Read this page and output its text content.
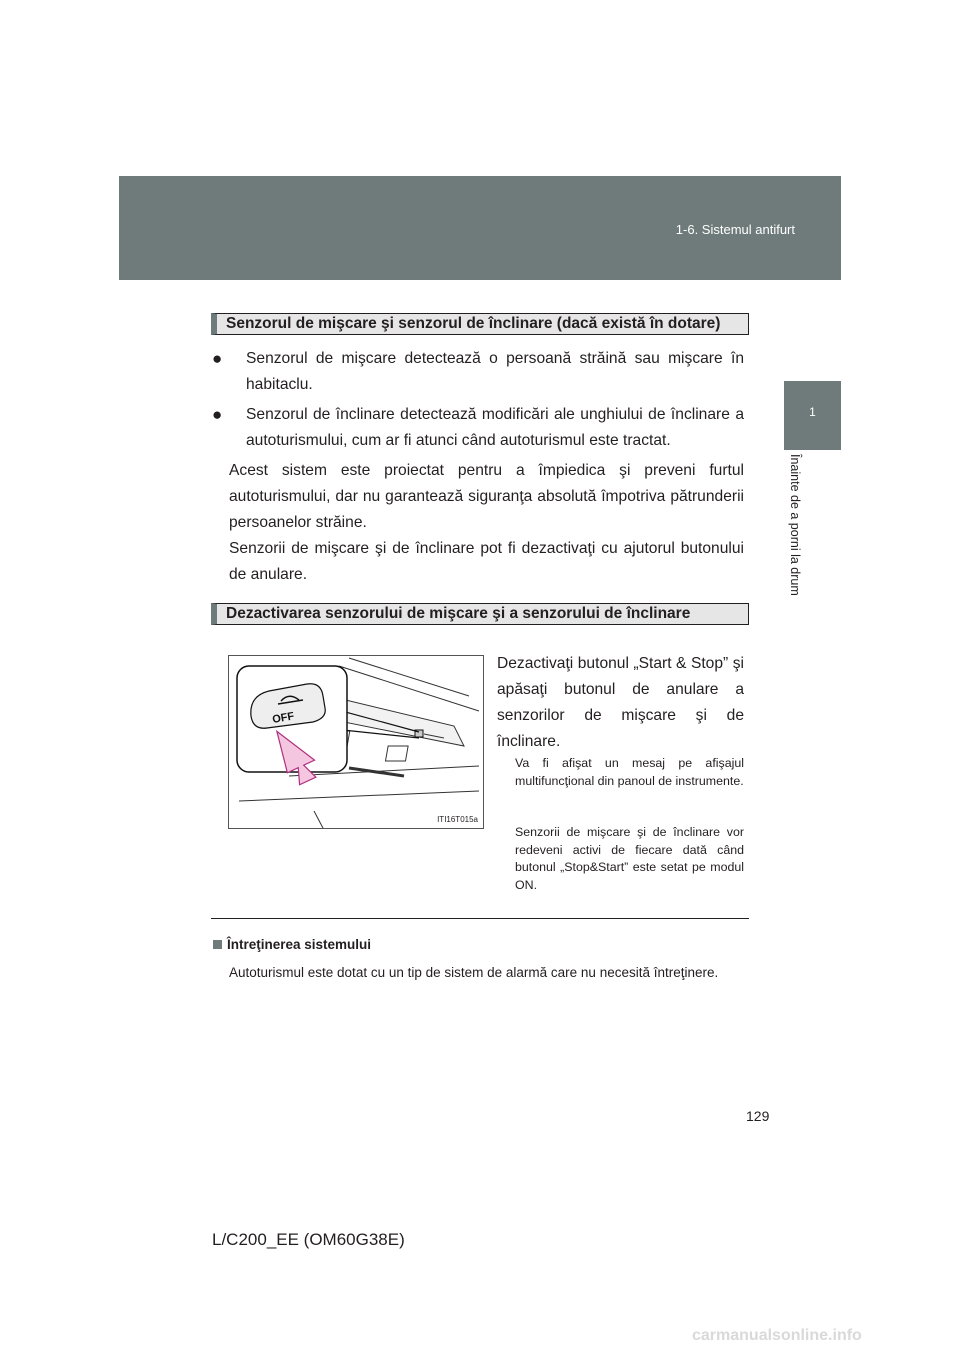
1-6. Sistemul antifurt
1
Înainte de a porni la drum
Senzorul de mişcare şi senzorul de înclinare (dacă există în dotare)
● Senzorul de mişcare detectează o persoană străină sau mişcare în habitaclu.
● Senzorul de înclinare detectează modificări ale unghiului de înclinare a autoturismului, cum ar fi atunci când autoturismul este tractat.
Acest sistem este proiectat pentru a împiedica şi preveni furtul autoturismului, dar nu garantează siguranţa absolută împotriva pătrunderii persoanelor străine.
Senzorii de mişcare şi de înclinare pot fi dezactivaţi cu ajutorul butonului de anulare.
Dezactivarea senzorului de mişcare şi a senzorului de înclinare
OFF
ITI16T015a
Dezactivaţi butonul „Start & Stop” şi apăsaţi butonul de anulare a senzorilor de mişcare şi de înclinare.
Va fi afişat un mesaj pe afişajul multifuncţional din panoul de instrumente.
Senzorii de mişcare şi de înclinare vor redeveni activi de fiecare dată când butonul „Stop&Start” este setat pe modul ON.
Întreţinerea sistemului
Autoturismul este dotat cu un tip de sistem de alarmă care nu necesită întreţinere.
129
L/C200_EE (OM60G38E)
carmanualsonline.info
